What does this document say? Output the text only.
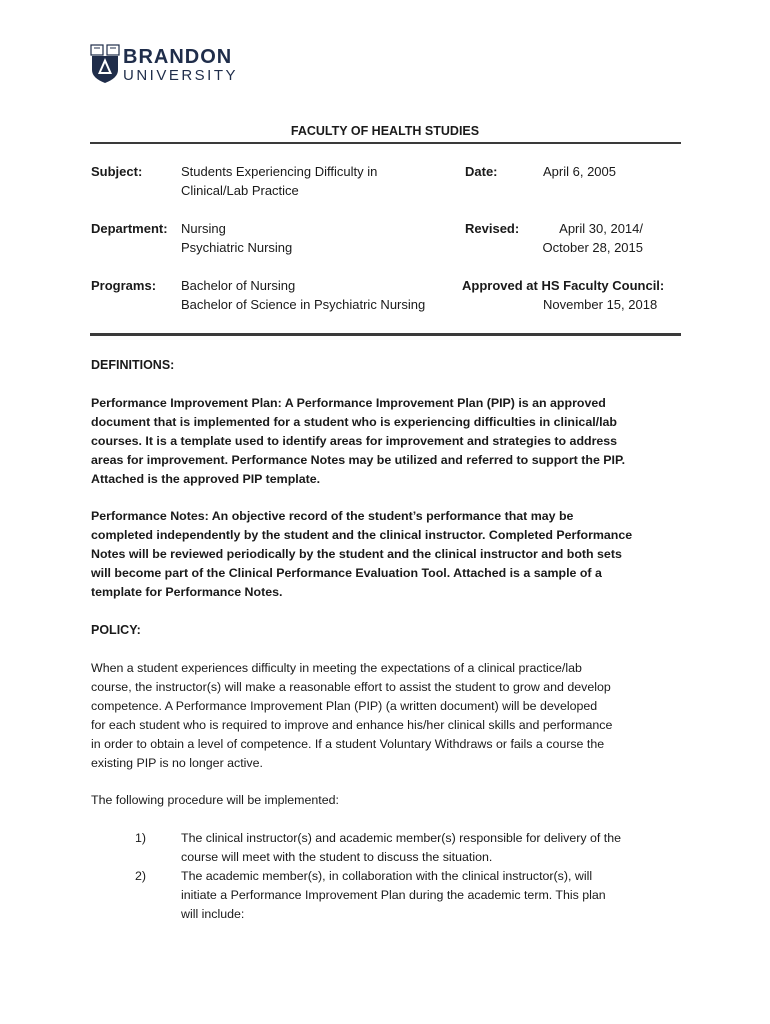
BRANDON
UNIVERSITY
FACULTY OF HEALTH STUDIES
Subject:	Students Experiencing Difficulty in
Clinical/Lab Practice
Date:	April 6, 2005
Department: Nursing
Psychiatric Nursing
Revised:	April 30, 2014/
October 28, 2015
Programs: Bachelor of Nursing
Bachelor of Science in Psychiatric Nursing
Approved at HS Faculty Council:
November 15, 2018
DEFINITIONS:
Performance Improvement Plan: A Performance Improvement Plan (PIP) is an approved
document that is implemented for a student who is experiencing difficulties in clinical/lab
courses. It is a template used to identify areas for improvement and strategies to address
areas for improvement. Performance Notes may be utilized and referred to support the PIP.
Attached is the approved PIP template.
Performance Notes: An objective record of the student’s performance that may be
completed independently by the student and the clinical instructor. Completed Performance
Notes will be reviewed periodically by the student and the clinical instructor and both sets
will become part of the Clinical Performance Evaluation Tool. Attached is a sample of a
template for Performance Notes.
POLICY:
When a student experiences difficulty in meeting the expectations of a clinical practice/lab
course, the instructor(s) will make a reasonable effort to assist the student to grow and develop
competence. A Performance Improvement Plan (PIP) (a written document) will be developed
for each student who is required to improve and enhance his/her clinical skills and performance
in order to obtain a level of competence. If a student Voluntary Withdraws or fails a course the
existing PIP is no longer active.
The following procedure will be implemented:
1)	The clinical instructor(s) and academic member(s) responsible for delivery of the
course will meet with the student to discuss the situation.
2)	The academic member(s), in collaboration with the clinical instructor(s), will
initiate a Performance Improvement Plan during the academic term. This plan
will include:
